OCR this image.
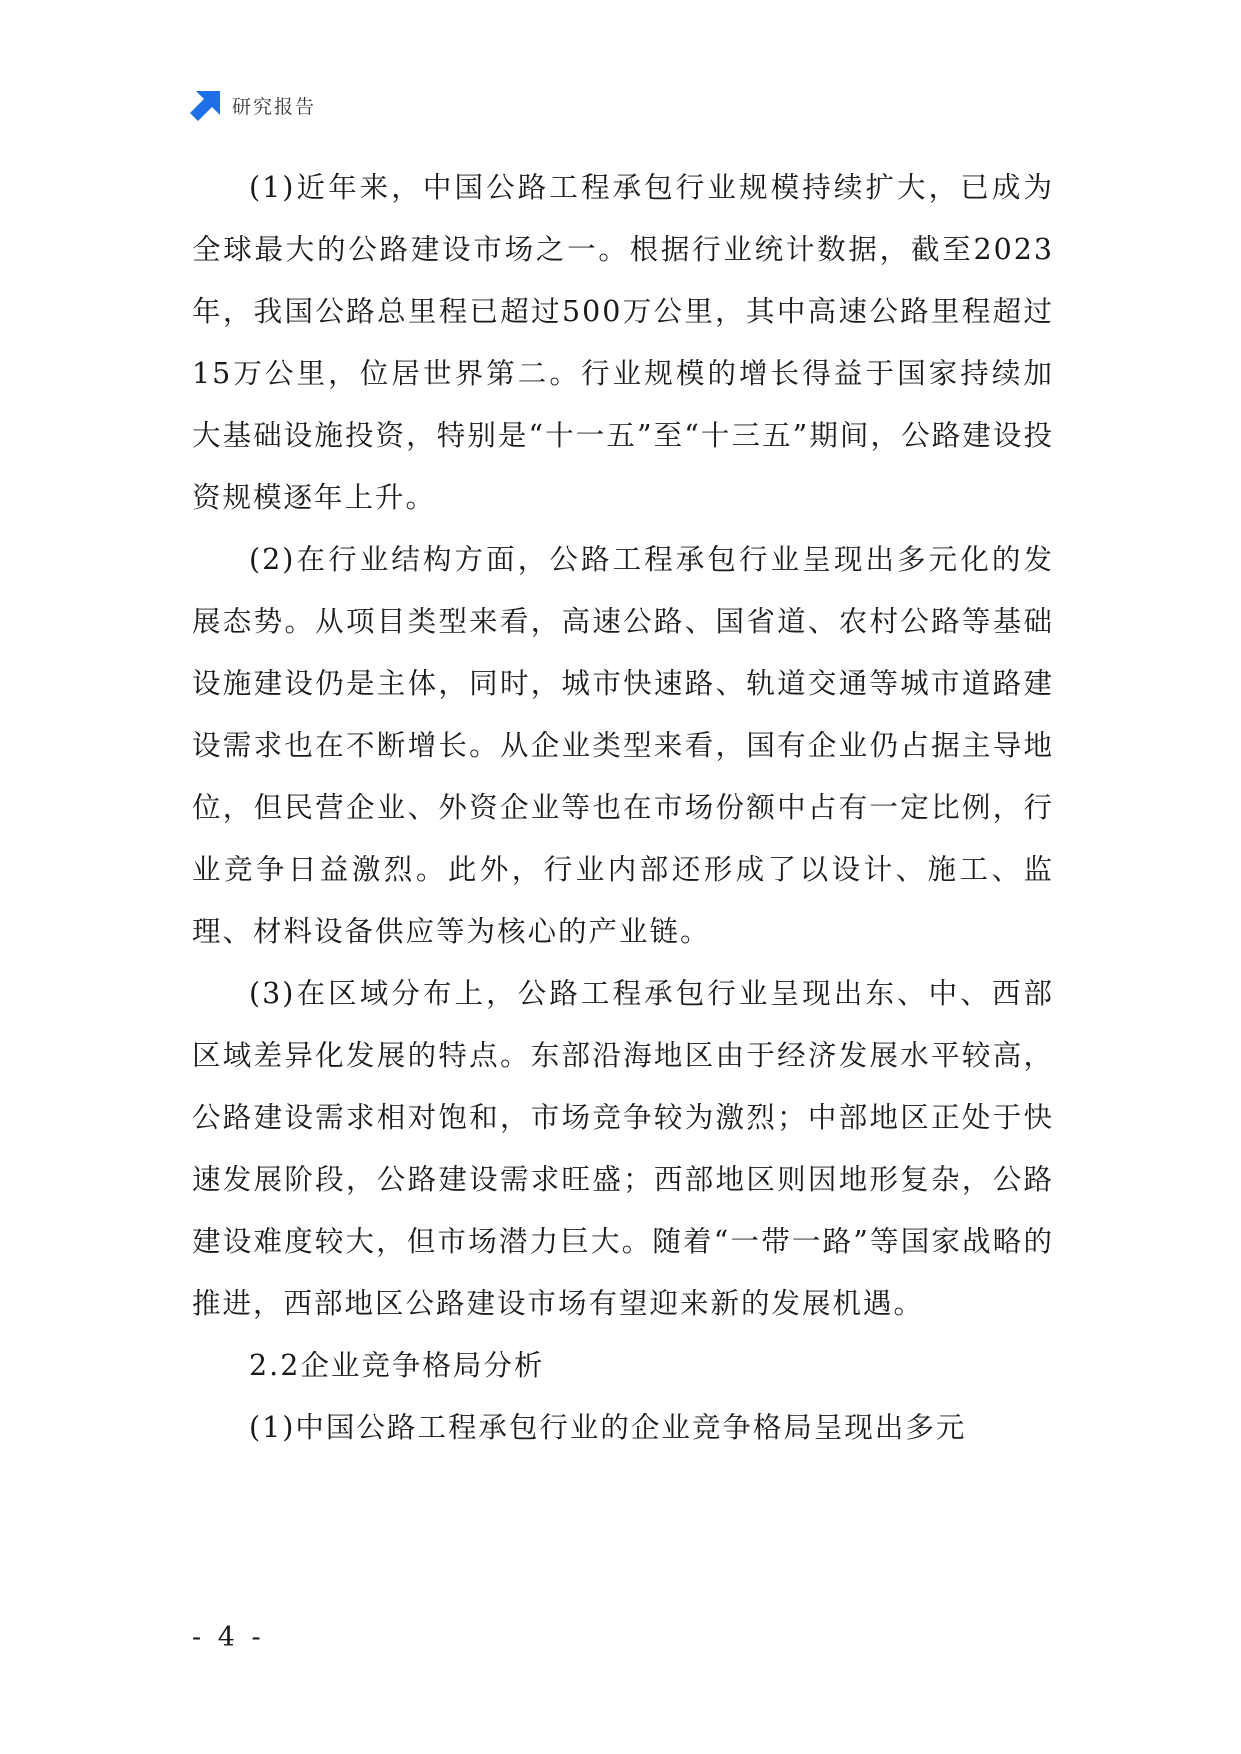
研究报告

(1)近年来，中国公路工程承包行业规模持续扩大，已成为全球最大的公路建设市场之一。根据行业统计数据，截至2023年，我国公路总里程已超过500万公里，其中高速公路里程超过15万公里，位居世界第二。行业规模的增长得益于国家持续加大基础设施投资，特别是“十一五”至“十三五”期间，公路建设投资规模逐年上升。

(2)在行业结构方面，公路工程承包行业呈现出多元化的发展态势。从项目类型来看，高速公路、国省道、农村公路等基础设施建设仍是主体，同时，城市快速路、轨道交通等城市道路建设需求也在不断增长。从企业类型来看，国有企业仍占据主导地位，但民营企业、外资企业等也在市场份额中占有一定比例，行业竞争日益激烈。此外，行业内部还形成了以设计、施工、监理、材料设备供应等为核心的产业链。

(3)在区域分布上，公路工程承包行业呈现出东、中、西部区域差异化发展的特点。东部沿海地区由于经济发展水平较高，公路建设需求相对饱和，市场竞争较为激烈；中部地区正处于快速发展阶段，公路建设需求旺盛；西部地区则因地形复杂，公路建设难度较大，但市场潜力巨大。随着“一带一路”等国家战略的推进，西部地区公路建设市场有望迎来新的发展机遇。

2.2企业竞争格局分析

(1)中国公路工程承包行业的企业竞争格局呈现出多元

- 4 -
